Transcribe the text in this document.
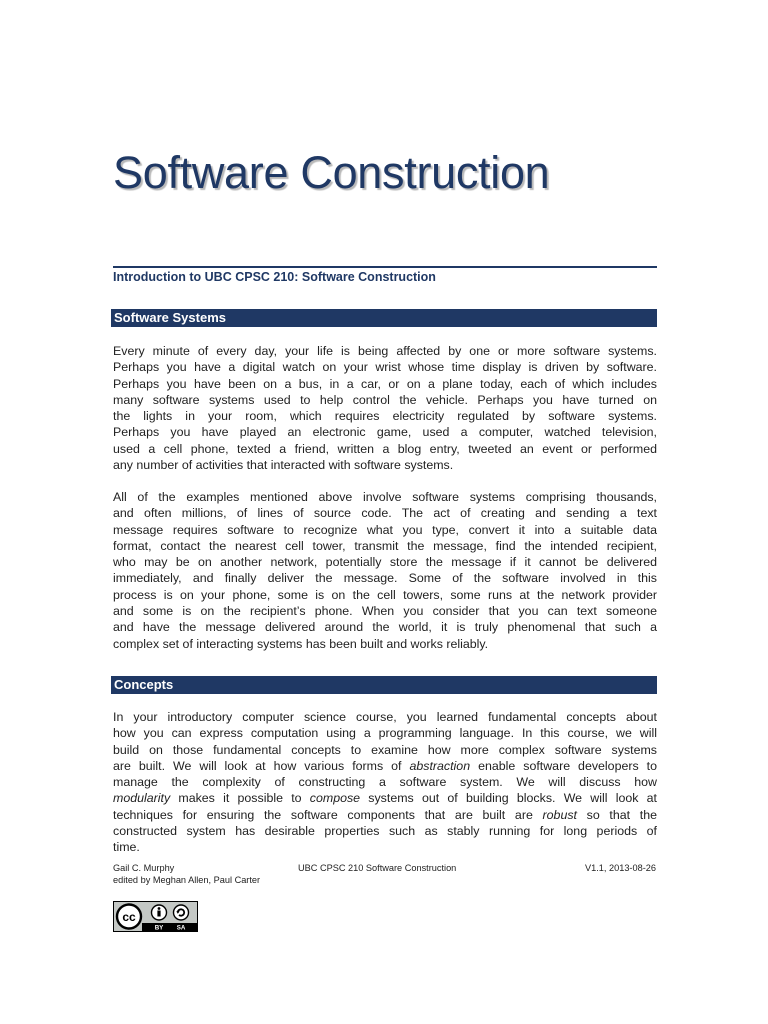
Software Construction
Introduction to UBC CPSC 210: Software Construction
Software Systems
Every minute of every day, your life is being affected by one or more software systems.
Perhaps you have a digital watch on your wrist whose time display is driven by software.
Perhaps you have been on a bus, in a car, or on a plane today, each of which includes
many software systems used to help control the vehicle. Perhaps you have turned on
the lights in your room, which requires electricity regulated by software systems.
Perhaps you have played an electronic game, used a computer, watched television,
used a cell phone, texted a friend, written a blog entry, tweeted an event or performed
any number of activities that interacted with software systems.
All of the examples mentioned above involve software systems comprising thousands,
and often millions, of lines of source code. The act of creating and sending a text
message requires software to recognize what you type, convert it into a suitable data
format, contact the nearest cell tower, transmit the message, find the intended recipient,
who may be on another network, potentially store the message if it cannot be delivered
immediately, and finally deliver the message. Some of the software involved in this
process is on your phone, some is on the cell towers, some runs at the network provider
and some is on the recipient’s phone. When you consider that you can text someone
and have the message delivered around the world, it is truly phenomenal that such a
complex set of interacting systems has been built and works reliably.
Concepts
In your introductory computer science course, you learned fundamental concepts about
how you can express computation using a programming language. In this course, we will
build on those fundamental concepts to examine how more complex software systems
are built. We will look at how various forms of abstraction enable software developers to
manage the complexity of constructing a software system. We will discuss how
modularity makes it possible to compose systems out of building blocks. We will look at
techniques for ensuring the software components that are built are robust so that the
constructed system has desirable properties such as stably running for long periods of
time.
Gail C. Murphy
edited by Meghan Allen, Paul Carter
UBC CPSC 210 Software Construction	V1.1, 2013-08-26
cc
BY SA
